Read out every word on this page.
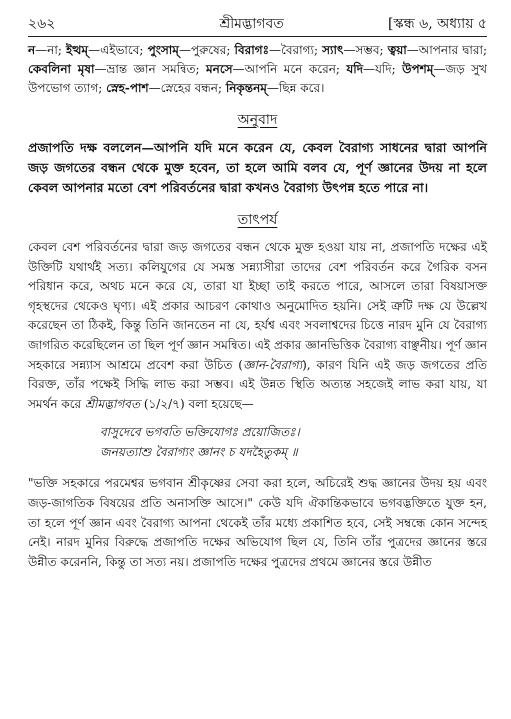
২৬২	শ্রীমদ্ভাগবত	[স্কন্ধ ৬, অধ্যায় ৫
ন—না; ইত্থম্—এইভাবে; পুংসাম্—পুরুষের; বিরাগঃ—বৈরাগ্য; স্যাৎ—সম্ভব; ত্বয়া—আপনার দ্বারা; কেবলিনা মৃষা—ভ্রান্ত জ্ঞান সমন্বিত; মনসে—আপনি মনে করেন; যদি—যদি; উপশম্—জড় সুখ উপভোগ ত্যাগ; স্নেহ-পাশ—স্নেহের বন্ধন; নিকৃন্তনম্—ছিন্ন করে।
অনুবাদ
প্রজাপতি দক্ষ বললেন—আপনি যদি মনে করেন যে, কেবল বৈরাগ্য সাধনের দ্বারা আপনি জড় জগতের বন্ধন থেকে মুক্ত হবেন, তা হলে আমি বলব যে, পূর্ণ জ্ঞানের উদয় না হলে কেবল আপনার মতো বেশ পরিবর্তনের দ্বারা কখনও বৈরাগ্য উৎপন্ন হতে পারে না।
তাৎপর্য
কেবল বেশ পরিবর্তনের দ্বারা জড় জগতের বন্ধন থেকে মুক্ত হওয়া যায় না, প্রজাপতি দক্ষের এই উক্তিটি যথার্থই সত্য। কলিযুগের যে সমস্ত সন্ন্যাসীরা তাদের বেশ পরিবর্তন করে গৈরিক বসন পরিধান করে, অথচ মনে করে যে, তারা যা ইচ্ছা তাই করতে পারে, আসলে তারা বিষয়াসক্ত গৃহস্থদের থেকেও ঘৃণ্য। এই প্রকার আচরণ কোথাও অনুমোদিত হয়নি। সেই ত্রুটি দক্ষ যে উল্লেখ করেছেন তা ঠিকই, কিন্তু তিনি জানতেন না যে, হর্যশ্ব এবং সবলাশ্বদের চিত্তে নারদ মুনি যে বৈরাগ্য জাগরিত করেছিলেন তা ছিল পূর্ণ জ্ঞান সমন্বিত। এই প্রকার জ্ঞানভিত্তিক বৈরাগ্য বাঞ্ছনীয়। পূর্ণ জ্ঞান সহকারে সন্ন্যাস আশ্রমে প্রবেশ করা উচিত (জ্ঞান-বৈরাগ্য), কারণ যিনি এই জড় জগতের প্রতি বিরক্ত, তাঁর পক্ষেই সিদ্ধি লাভ করা সম্ভব। এই উন্নত স্থিতি অত্যন্ত সহজেই লাভ করা যায়, যা সমর্থন করে শ্রীমদ্ভাগবত (১/২/৭) বলা হয়েছে—
বাসুদেবে ভগবতি ভক্তিযোগঃ প্রয়োজিতঃ।
জনয়ত্যাশু বৈরাগ্যং জ্ঞানং চ যদহৈতুকম্ ॥
"ভক্তি সহকারে পরমেশ্বর ভগবান শ্রীকৃষ্ণের সেবা করা হলে, অচিরেই শুদ্ধ জ্ঞানের উদয় হয় এবং জড়-জাগতিক বিষয়ের প্রতি অনাসক্তি আসে।" কেউ যদি ঐকান্তিকভাবে ভগবদ্ভক্তিতে যুক্ত হন, তা হলে পূর্ণ জ্ঞান এবং বৈরাগ্য আপনা থেকেই তাঁর মধ্যে প্রকাশিত হবে, সেই সম্বন্ধে কোন সন্দেহ নেই। নারদ মুনির বিরুদ্ধে প্রজাপতি দক্ষের অভিযোগ ছিল যে, তিনি তাঁর পুত্রদের জ্ঞানের স্তরে উন্নীত করেননি, কিন্তু তা সত্য নয়। প্রজাপতি দক্ষের পুত্রদের প্রথমে জ্ঞানের স্তরে উন্নীত
